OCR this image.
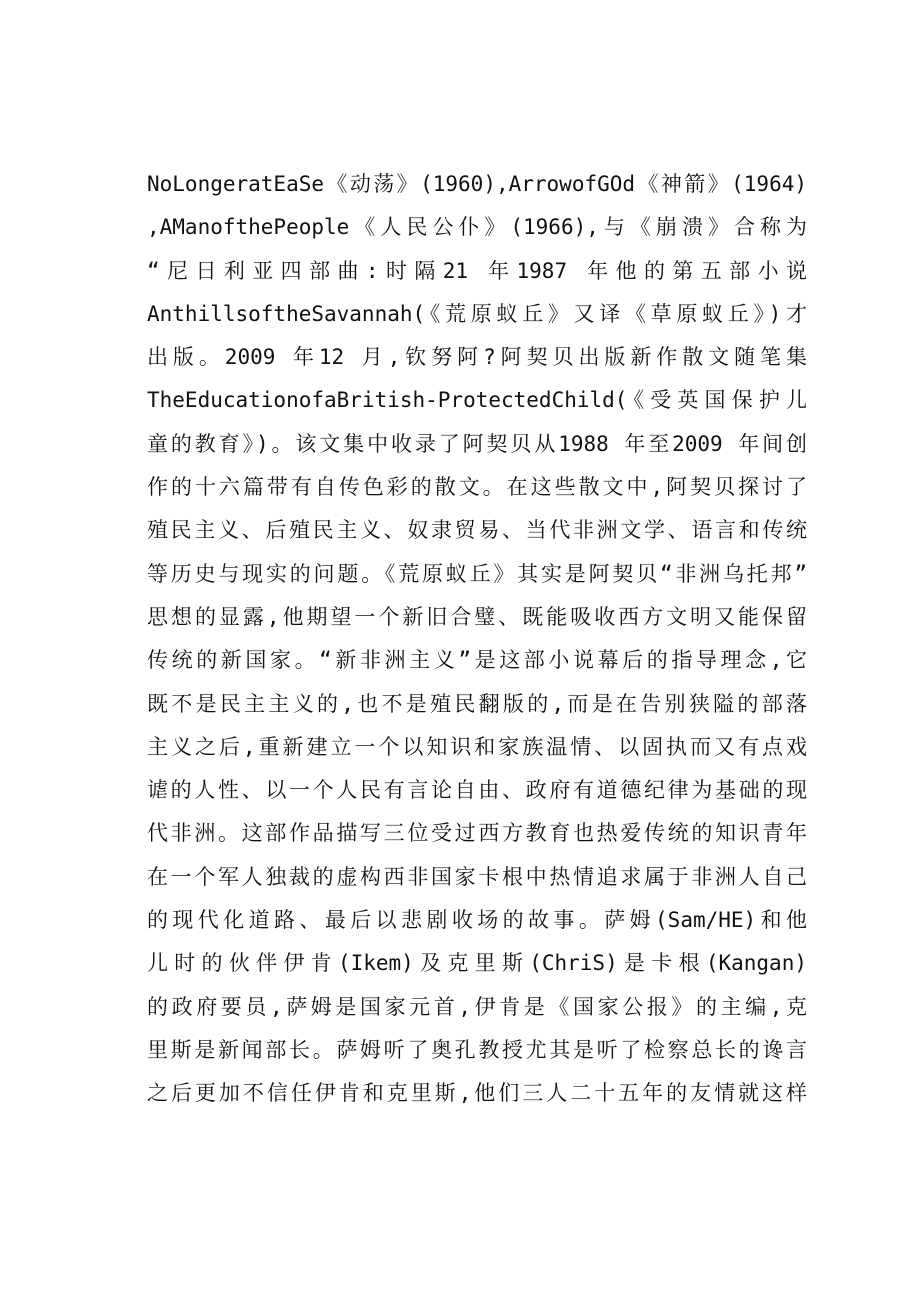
NoLongeratEaSe《动荡》(1960),ArrowofGOd《神箭》(1964)
,AManofthePeople《人民公仆》(1966),与《崩溃》合称为
“尼日利亚四部曲:时隔21 年1987 年他的第五部小说
AnthillsoftheSavannah(《荒原蚁丘》又译《草原蚁丘》)才
出版。2009 年12 月,钦努阿?阿契贝出版新作散文随笔集
TheEducationofaBritish-ProtectedChild(《受英国保护儿
童的教育》)。该文集中收录了阿契贝从1988 年至2009 年间创
作的十六篇带有自传色彩的散文。在这些散文中,阿契贝探讨了
殖民主义、后殖民主义、奴隶贸易、当代非洲文学、语言和传统
等历史与现实的问题。《荒原蚁丘》其实是阿契贝“非洲乌托邦”
思想的显露,他期望一个新旧合璧、既能吸收西方文明又能保留
传统的新国家。“新非洲主义”是这部小说幕后的指导理念,它
既不是民主主义的,也不是殖民翻版的,而是在告别狭隘的部落
主义之后,重新建立一个以知识和家族温情、以固执而又有点戏
谑的人性、以一个人民有言论自由、政府有道德纪律为基础的现
代非洲。这部作品描写三位受过西方教育也热爱传统的知识青年
在一个军人独裁的虚构西非国家卡根中热情追求属于非洲人自己
的现代化道路、最后以悲剧收场的故事。萨姆(Sam/HE)和他
儿时的伙伴伊肯(Ikem)及克里斯(ChriS)是卡根(Kangan)
的政府要员,萨姆是国家元首,伊肯是《国家公报》的主编,克
里斯是新闻部长。萨姆听了奥孔教授尤其是听了检察总长的谗言
之后更加不信任伊肯和克里斯,他们三人二十五年的友情就这样
